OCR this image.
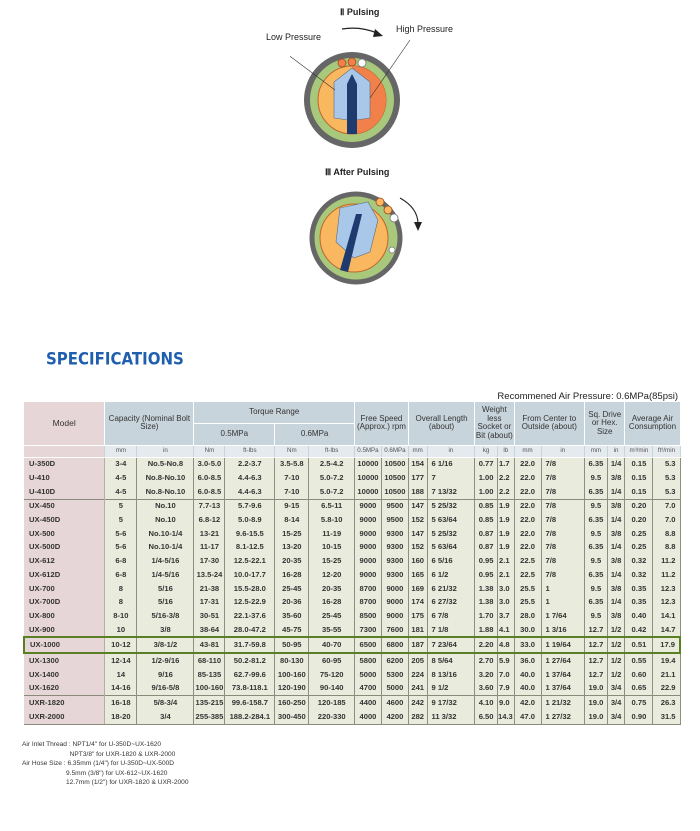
Ⅱ Pulsing
Low Pressure
High Pressure
Ⅲ After Pulsing
SPECIFICATIONS
Recommened Air Pressure: 0.6MPa(85psi)
Model	Capacity (Nominal Bolt Size)		Torque Range				Free Speed (Approx.) rpm		Overall Length (about)		Weight less Socket or Bit (about)		From Center to Outside (about)		Sq. Drive or Hex. Size		Average Air Consumption	
			0.5MPa		0.6MPa													
	mm	in	Nm	ft-lbs	Nm	ft-lbs	0.5MPa	0.6MPa	mm	in	kg	lb	mm	in	mm	in	m³/min	ft³/min
U-350D	3-4	No.5-No.8	3.0-5.0	2.2-3.7	3.5-5.8	2.5-4.2	10000	10500	154	6 1/16	0.77	1.7	22.0	7/8	6.35	1/4	0.15	5.3
U-410	4-5	No.8-No.10	6.0-8.5	4.4-6.3	7-10	5.0-7.2	10000	10500	177	7	1.00	2.2	22.0	7/8	9.5	3/8	0.15	5.3
U-410D	4-5	No.8-No.10	6.0-8.5	4.4-6.3	7-10	5.0-7.2	10000	10500	188	7 13/32	1.00	2.2	22.0	7/8	6.35	1/4	0.15	5.3
UX-450	5	No.10	7.7-13	5.7-9.6	9-15	6.5-11	9000	9500	147	5 25/32	0.85	1.9	22.0	7/8	9.5	3/8	0.20	7.0
UX-450D	5	No.10	6.8-12	5.0-8.9	8-14	5.8-10	9000	9500	152	5 63/64	0.85	1.9	22.0	7/8	6.35	1/4	0.20	7.0
UX-500	5-6	No.10-1/4	13-21	9.6-15.5	15-25	11-19	9000	9300	147	5 25/32	0.87	1.9	22.0	7/8	9.5	3/8	0.25	8.8
UX-500D	5-6	No.10-1/4	11-17	8.1-12.5	13-20	10-15	9000	9300	152	5 63/64	0.87	1.9	22.0	7/8	6.35	1/4	0.25	8.8
UX-612	6-8	1/4-5/16	17-30	12.5-22.1	20-35	15-25	9000	9300	160	6 5/16	0.95	2.1	22.5	7/8	9.5	3/8	0.32	11.2
UX-612D	6-8	1/4-5/16	13.5-24	10.0-17.7	16-28	12-20	9000	9300	165	6 1/2	0.95	2.1	22.5	7/8	6.35	1/4	0.32	11.2
UX-700	8	5/16	21-38	15.5-28.0	25-45	20-35	8700	9000	169	6 21/32	1.38	3.0	25.5	1	9.5	3/8	0.35	12.3
UX-700D	8	5/16	17-31	12.5-22.9	20-36	16-28	8700	9000	174	6 27/32	1.38	3.0	25.5	1	6.35	1/4	0.35	12.3
UX-800	8-10	5/16-3/8	30-51	22.1-37.6	35-60	25-45	8500	9000	175	6 7/8	1.70	3.7	28.0	1 7/64	9.5	3/8	0.40	14.1
UX-900	10	3/8	38-64	28.0-47.2	45-75	35-55	7300	7600	181	7 1/8	1.88	4.1	30.0	1 3/16	12.7	1/2	0.42	14.7
UX-1000	10-12	3/8-1/2	43-81	31.7-59.8	50-95	40-70	6500	6800	187	7 23/64	2.20	4.8	33.0	1 19/64	12.7	1/2	0.51	17.9
UX-1300	12-14	1/2-9/16	68-110	50.2-81.2	80-130	60-95	5800	6200	205	8 5/64	2.70	5.9	36.0	1 27/64	12.7	1/2	0.55	19.4
UX-1400	14	9/16	85-135	62.7-99.6	100-160	75-120	5000	5300	224	8 13/16	3.20	7.0	40.0	1 37/64	12.7	1/2	0.60	21.1
UX-1620	14-16	9/16-5/8	100-160	73.8-118.1	120-190	90-140	4700	5000	241	9 1/2	3.60	7.9	40.0	1 37/64	19.0	3/4	0.65	22.9
UXR-1820	16-18	5/8-3/4	135-215	99.6-158.7	160-250	120-185	4400	4600	242	9 17/32	4.10	9.0	42.0	1 21/32	19.0	3/4	0.75	26.3
UXR-2000	18-20	3/4	255-385	188.2-284.1	300-450	220-330	4000	4200	282	11 3/32	6.50	14.3	47.0	1 27/32	19.0	3/4	0.90	31.5
Air Inlet Thread : NPT1/4" for U-350D~UX-1620
NPT3/8" for UXR-1820 & UXR-2000
Air Hose Size : 6.35mm (1/4") for U-350D~UX-500D
9.5mm (3/8") for UX-612~UX-1620
12.7mm (1/2") for UXR-1820 & UXR-2000
